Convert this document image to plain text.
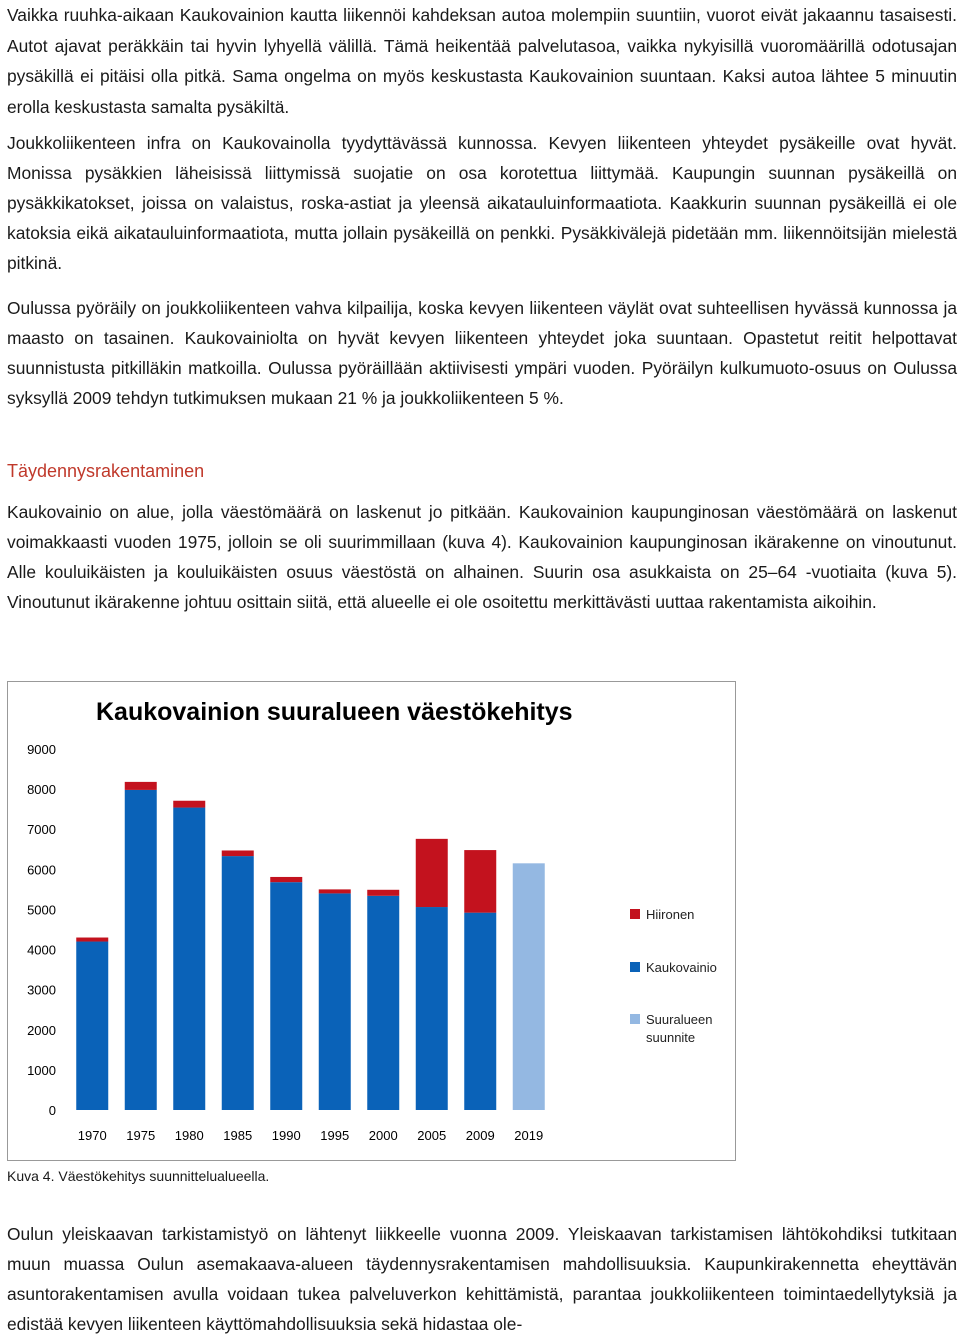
Vaikka ruuhka-aikaan Kaukovainion kautta liikennöi kahdeksan autoa molempiin suuntiin, vuorot eivät jakaannu tasaisesti. Autot ajavat peräkkäin tai hyvin lyhyellä välillä. Tämä heikentää palvelutasoa, vaikka nykyisillä vuoromäärillä odotusajan pysäkillä ei pitäisi olla pitkä. Sama ongelma on myös keskustasta Kaukovainion suuntaan. Kaksi autoa lähtee 5 minuutin erolla keskustasta samalta pysäkiltä.

Joukkoliikenteen infra on Kaukovainolla tyydyttävässä kunnossa. Kevyen liikenteen yhteydet pysäkeille ovat hyvät. Monissa pysäkkien läheisissä liittymissä suojatie on osa korotettua liittymää. Kaupungin suunnan pysäkeillä on pysäkkikatokset, joissa on valaistus, roska-astiat ja yleensä aikatauluinformaatiota. Kaakkurin suunnan pysäkeillä ei ole katoksia eikä aikatauluinformaatiota, mutta jollain pysäkeillä on penkki. Pysäkkivälejä pidetään mm. liikennöitsijän mielestä pitkinä.

Oulussa pyöräily on joukkoliikenteen vahva kilpailija, koska kevyen liikenteen väylät ovat suhteellisen hyvässä kunnossa ja maasto on tasainen. Kaukovainiolta on hyvät kevyen liikenteen yhteydet joka suuntaan. Opastetut reitit helpottavat suunnistusta pitkilläkin matkoilla. Oulussa pyöräillään aktiivisesti ympäri vuoden. Pyöräilyn kulkumuoto-osuus on Oulussa syksyllä 2009 tehdyn tutkimuksen mukaan 21 % ja joukkoliikenteen 5 %.

Täydennysrakentaminen

Kaukovainio on alue, jolla väestömäärä on laskenut jo pitkään. Kaukovainion kaupunginosan väestömäärä on laskenut voimakkaasti vuoden 1975, jolloin se oli suurimmillaan (kuva 4). Kaukovainion kaupunginosan ikärakenne on vinoutunut. Alle kouluikäisten ja kouluikäisten osuus väestöstä on alhainen. Suurin osa asukkaista on 25–64 -vuotiaita (kuva 5). Vinoutunut ikärakenne johtuu osittain siitä, että alueelle ei ole osoitettu merkittävästi uuttaa rakentamista aikoihin.

Oulun yleiskaavan tarkistamistyö on lähtenyt liikkeelle vuonna 2009. Yleiskaavan tarkistamisen lähtökohdiksi tutkitaan muun muassa Oulun asemakaava-alueen täydennysrakentamisen mahdollisuuksia. Kaupunkirakennetta eheyttävän asuntorakentamisen avulla voidaan tukea palveluverkon kehittämistä, parantaa joukkoliikenteen toimintaedellytyksiä ja edistää kevyen liikenteen käyttömahdollisuuksia sekä hidastaa ole-

Kaukovainion suuralueen väestökehitys
0
1000
2000
3000
4000
5000
6000
7000
8000
9000
1970 1975 1980 1985 1990 1995 2000 2005 2009 2019
Hiironen
Kaukovainio
Suuralueen suunnite

Kuva 4. Väestökehitys suunnittelualueella.
